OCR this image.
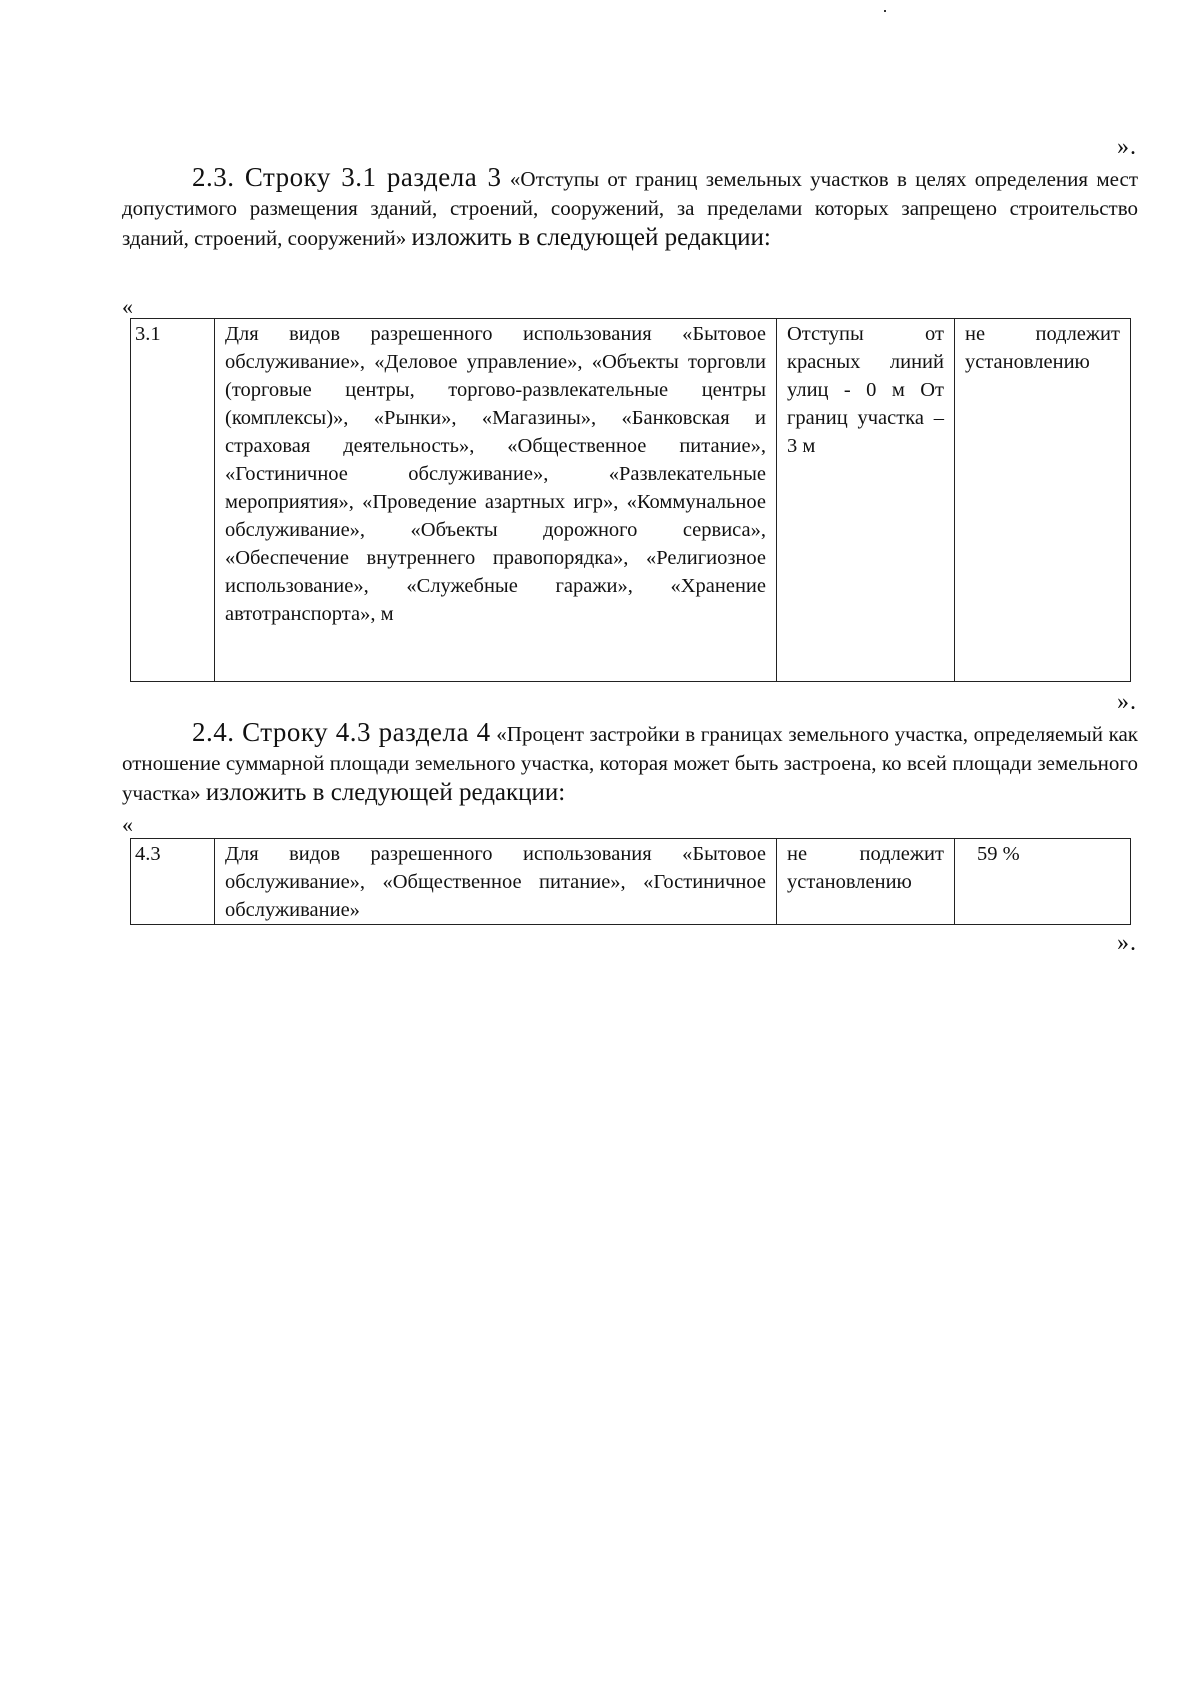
».
2.3. Строку 3.1 раздела 3 «Отступы от границ земельных участков в целях определения мест допустимого размещения зданий, строений, сооружений, за пределами которых запрещено строительство зданий, строений, сооружений» изложить в следующей редакции:
«
3.1	Для видов разрешенного использования «Бытовое обслуживание», «Деловое управление», «Объекты торговли (торговые центры, торгово-развлекательные центры (комплексы)», «Рынки», «Магазины», «Банковская и страховая деятельность», «Общественное питание», «Гостиничное обслуживание», «Развлекательные мероприятия», «Проведение азартных игр», «Коммунальное обслуживание», «Объекты дорожного сервиса», «Обеспечение внутреннего правопорядка», «Религиозное использование», «Служебные гаражи», «Хранение автотранспорта», м	Отступы от красных линий улиц - 0 м От границ участка – 3 м	не подлежит установлению
».
2.4. Строку 4.3 раздела 4 «Процент застройки в границах земельного участка, определяемый как отношение суммарной площади земельного участка, которая может быть застроена, ко всей площади земельного участка» изложить в следующей редакции:
«
4.3	Для видов разрешенного использования «Бытовое обслуживание», «Общественное питание», «Гостиничное обслуживание»	не подлежит установлению	59 %
».
